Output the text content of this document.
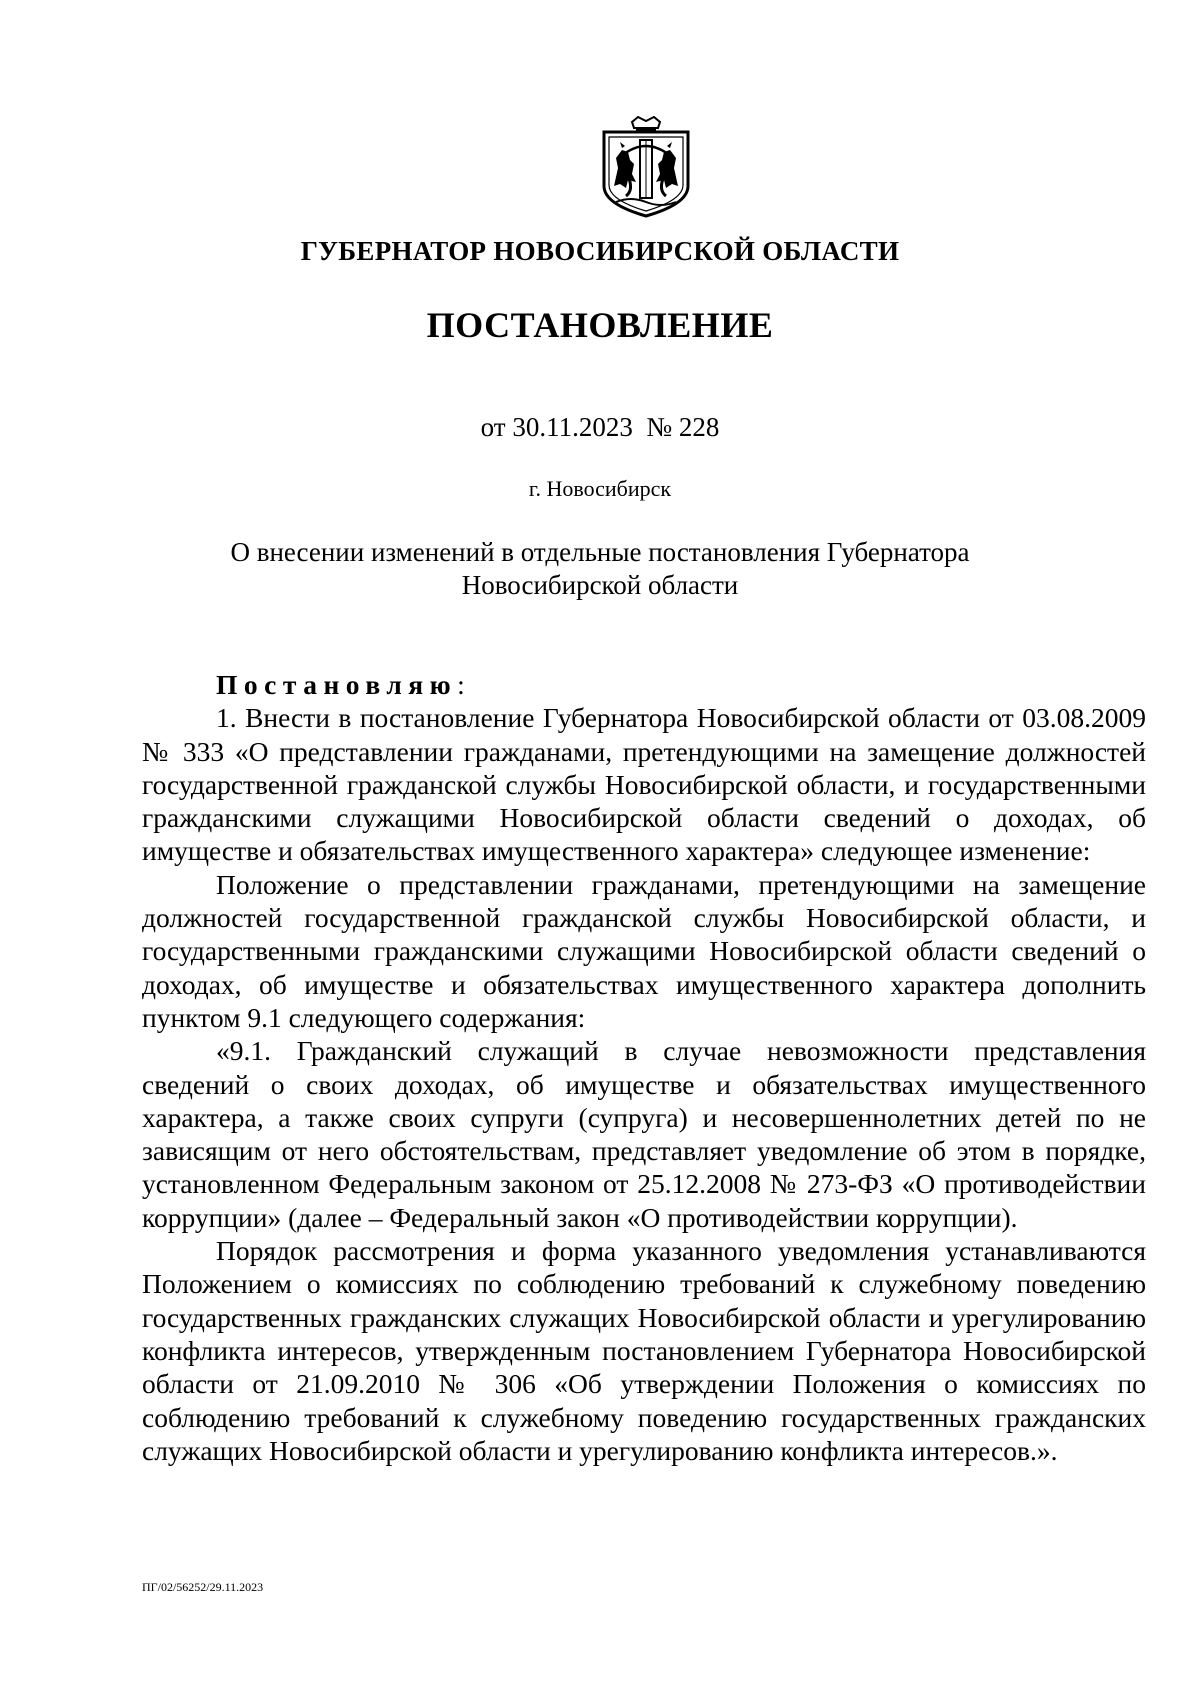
ГУБЕРНАТОР НОВОСИБИРСКОЙ ОБЛАСТИ
ПОСТАНОВЛЕНИЕ
от 30.11.2023  № 228
г. Новосибирск
О внесении изменений в отдельные постановления Губернатора
Новосибирской области

Постановляю:

1. Внести в постановление Губернатора Новосибирской области от 03.08.2009 № 333 «О представлении гражданами, претендующими на замещение должностей государственной гражданской службы Новосибирской области, и государственными гражданскими служащими Новосибирской области сведений о доходах, об имуществе и обязательствах имущественного характера» следующее изменение:

Положение о представлении гражданами, претендующими на замещение должностей государственной гражданской службы Новосибирской области, и государственными гражданскими служащими Новосибирской области сведений о доходах, об имуществе и обязательствах имущественного характера дополнить пунктом 9.1 следующего содержания:

«9.1. Гражданский служащий в случае невозможности представления сведений о своих доходах, об имуществе и обязательствах имущественного характера, а также своих супруги (супруга) и несовершеннолетних детей по не зависящим от него обстоятельствам, представляет уведомление об этом в порядке, установленном Федеральным законом от 25.12.2008 № 273-ФЗ «О противодействии коррупции» (далее – Федеральный закон «О противодействии коррупции).

Порядок рассмотрения и форма указанного уведомления устанавливаются Положением о комиссиях по соблюдению требований к служебному поведению государственных гражданских служащих Новосибирской области и урегулированию конфликта интересов, утвержденным постановлением Губернатора Новосибирской области от 21.09.2010 № 306 «Об утверждении Положения о комиссиях по соблюдению требований к служебному поведению государственных гражданских служащих Новосибирской области и урегулированию конфликта интересов.».

ПГ/02/56252/29.11.2023
